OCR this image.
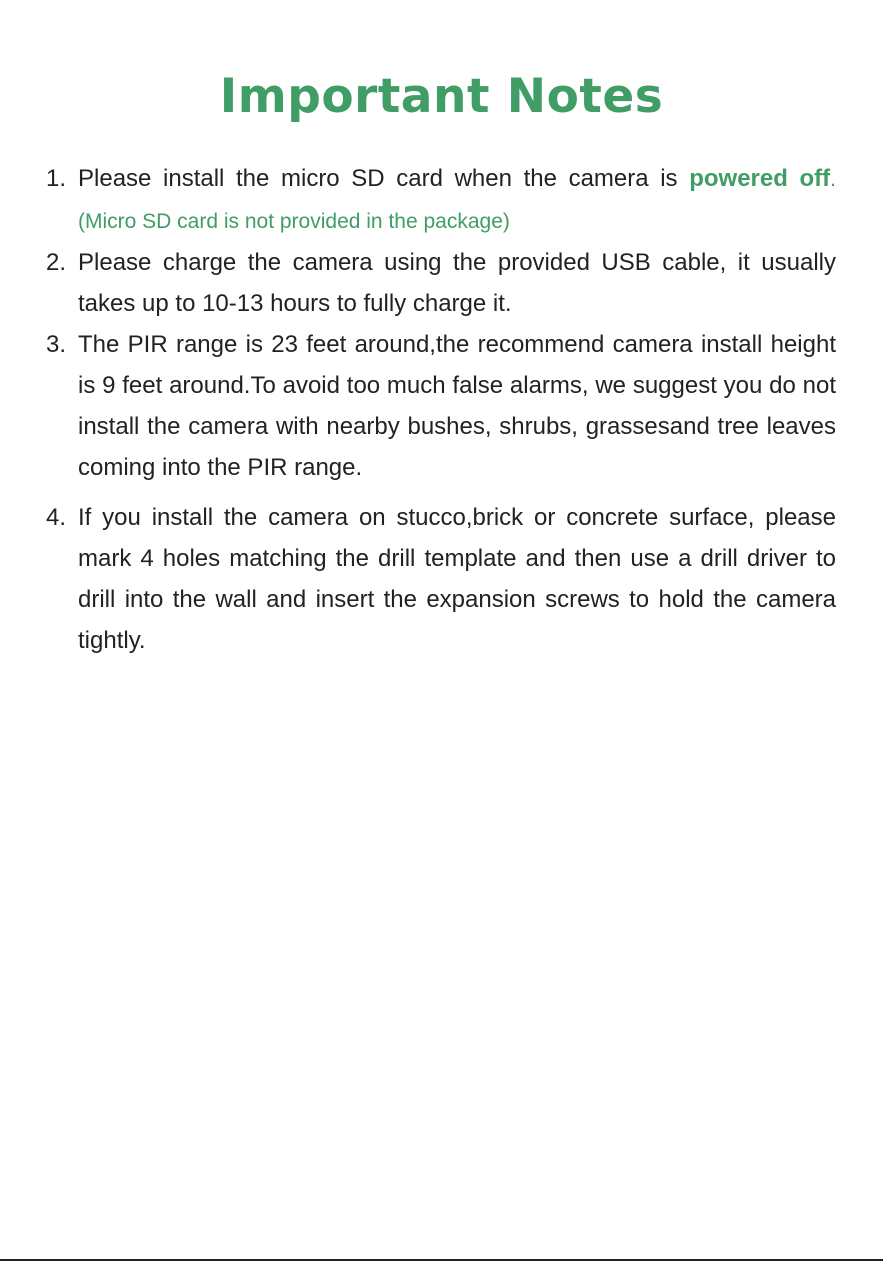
Important Notes
1. Please install the micro SD card when the camera is powered off. (Micro SD card is not provided in the package)
2. Please charge the camera using the provided USB cable, it usually takes up to 10-13 hours to fully charge it.
3. The PIR range is 23 feet around,the recommend camera install height is 9 feet around.To avoid too much false alarms, we suggest you do not install the camera with nearby bushes, shrubs, grassesand tree leaves coming into the PIR range.
4. If you install the camera on stucco,brick or concrete surface, please mark 4 holes matching the drill template and then use a drill driver to drill into the wall and insert the expansion screws to hold the camera tightly.
